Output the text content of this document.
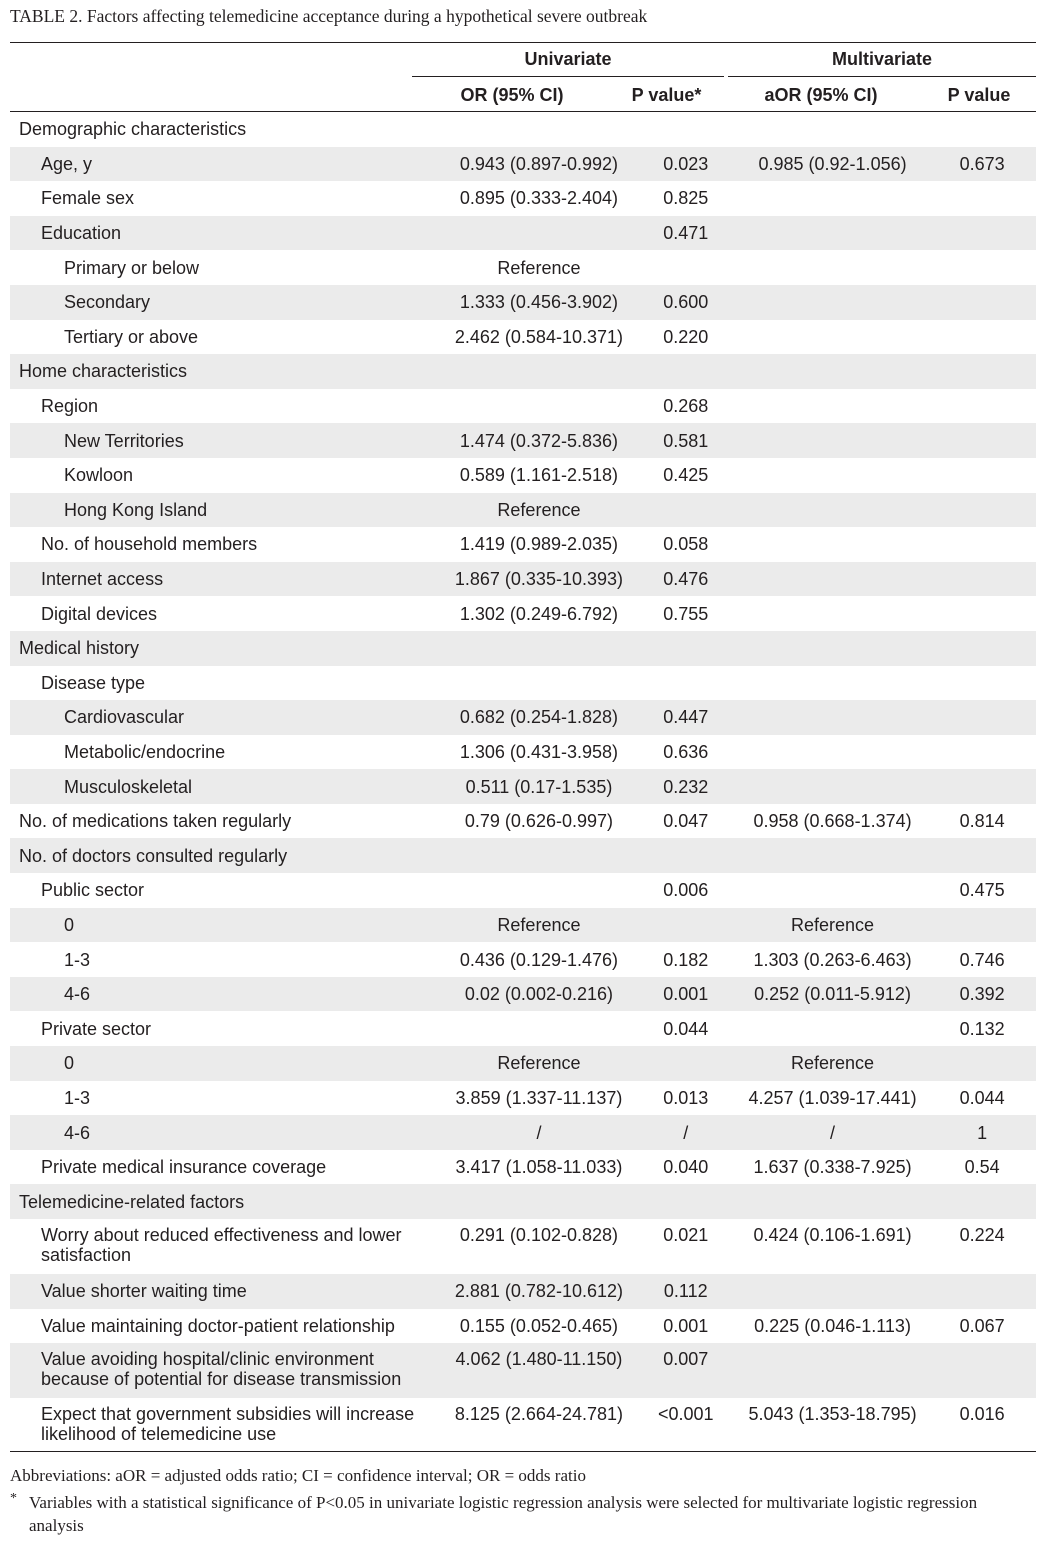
TABLE 2. Factors affecting telemedicine acceptance during a hypothetical severe outbreak
Univariate	Multivariate
OR (95% CI)	P value*	aOR (95% CI)	P value
Demographic characteristics				
Age, y	0.943 (0.897-0.992)	0.023	0.985 (0.92-1.056)	0.673
Female sex	0.895 (0.333-2.404)	0.825		
Education		0.471		
Primary or below	Reference			
Secondary	1.333 (0.456-3.902)	0.600		
Tertiary or above	2.462 (0.584-10.371)	0.220		
Home characteristics				
Region		0.268		
New Territories	1.474 (0.372-5.836)	0.581		
Kowloon	0.589 (1.161-2.518)	0.425		
Hong Kong Island	Reference			
No. of household members	1.419 (0.989-2.035)	0.058		
Internet access	1.867 (0.335-10.393)	0.476		
Digital devices	1.302 (0.249-6.792)	0.755		
Medical history				
Disease type				
Cardiovascular	0.682 (0.254-1.828)	0.447		
Metabolic/endocrine	1.306 (0.431-3.958)	0.636		
Musculoskeletal	0.511 (0.17-1.535)	0.232		
No. of medications taken regularly	0.79 (0.626-0.997)	0.047	0.958 (0.668-1.374)	0.814
No. of doctors consulted regularly				
Public sector		0.006		0.475
0	Reference		Reference	
1-3	0.436 (0.129-1.476)	0.182	1.303 (0.263-6.463)	0.746
4-6	0.02 (0.002-0.216)	0.001	0.252 (0.011-5.912)	0.392
Private sector		0.044		0.132
0	Reference		Reference	
1-3	3.859 (1.337-11.137)	0.013	4.257 (1.039-17.441)	0.044
4-6	/	/	/	1
Private medical insurance coverage	3.417 (1.058-11.033)	0.040	1.637 (0.338-7.925)	0.54
Telemedicine-related factors				
Worry about reduced effectiveness and lower satisfaction	0.291 (0.102-0.828)	0.021	0.424 (0.106-1.691)	0.224
Value shorter waiting time	2.881 (0.782-10.612)	0.112		
Value maintaining doctor-patient relationship	0.155 (0.052-0.465)	0.001	0.225 (0.046-1.113)	0.067
Value avoiding hospital/clinic environment because of potential for disease transmission	4.062 (1.480-11.150)	0.007		
Expect that government subsidies will increase likelihood of telemedicine use	8.125 (2.664-24.781)	<0.001	5.043 (1.353-18.795)	0.016
Abbreviations: aOR = adjusted odds ratio; CI = confidence interval; OR = odds ratio
* Variables with a statistical significance of P<0.05 in univariate logistic regression analysis were selected for multivariate logistic regression analysis
